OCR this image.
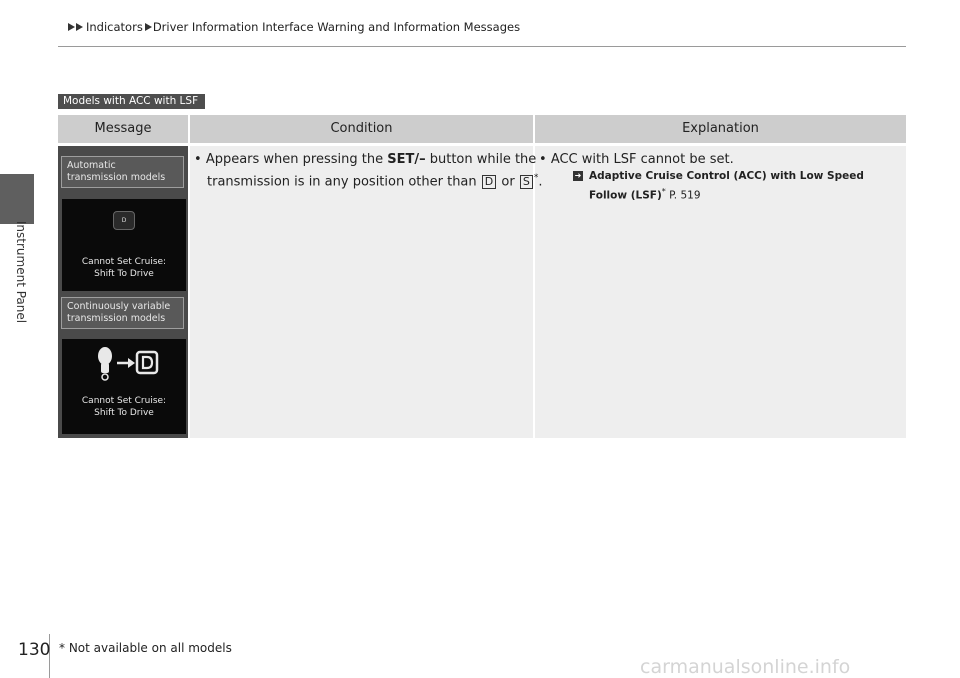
Instrument Panel
Indicators Driver Information Interface Warning and Information Messages
Models with ACC with LSF
Message	Condition	Explanation
Automatic transmission models
D
Cannot Set Cruise:
Shift To Drive
Continuously variable transmission models
Cannot Set Cruise:
Shift To Drive
• Appears when pressing the SET/– button while the
transmission is in any position other than D or S *.
• ACC with LSF cannot be set.
➜ Adaptive Cruise Control (ACC) with Low Speed
Follow (LSF)* P. 519
130 * Not available on all models
carmanualsonline.info
